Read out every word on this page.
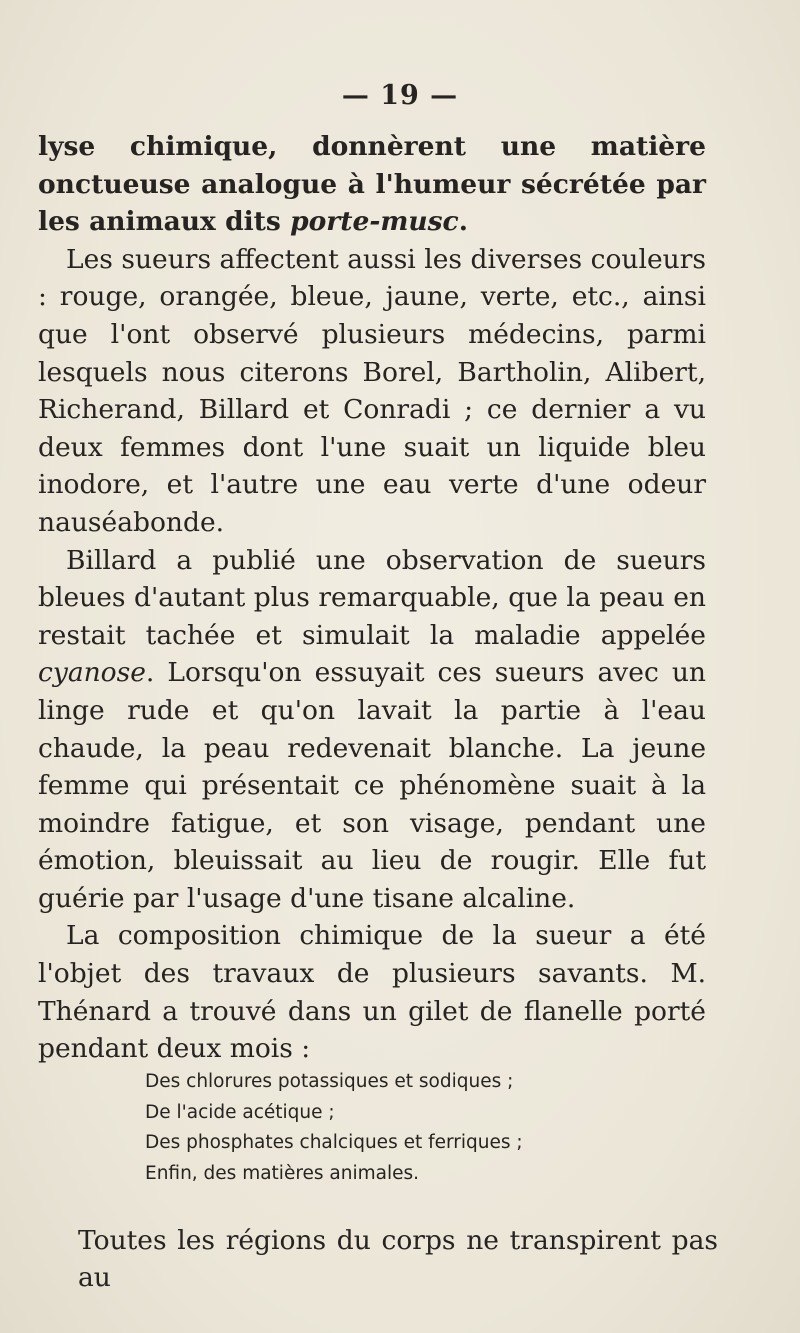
— 19 —

lyse chimique, donnèrent une matière onctueuse analogue à l'humeur sécrétée par les animaux dits porte-musc.

Les sueurs affectent aussi les diverses couleurs : rouge, orangée, bleue, jaune, verte, etc., ainsi que l'ont observé plusieurs médecins, parmi lesquels nous citerons Borel, Bartholin, Alibert, Richerand, Billard et Conradi ; ce dernier a vu deux femmes dont l'une suait un liquide bleu inodore, et l'autre une eau verte d'une odeur nauséabonde.

Billard a publié une observation de sueurs bleues d'autant plus remarquable, que la peau en restait tachée et simulait la maladie appelée cyanose. Lorsqu'on essuyait ces sueurs avec un linge rude et qu'on lavait la partie à l'eau chaude, la peau redevenait blanche. La jeune femme qui présentait ce phénomène suait à la moindre fatigue, et son visage, pendant une émotion, bleuissait au lieu de rougir. Elle fut guérie par l'usage d'une tisane alcaline.

La composition chimique de la sueur a été l'objet des travaux de plusieurs savants. M. Thénard a trouvé dans un gilet de flanelle porté pendant deux mois :

Des chlorures potassiques et sodiques ;
De l'acide acétique ;
Des phosphates chalciques et ferriques ;
Enfin, des matières animales.

Toutes les régions du corps ne transpirent pas au
